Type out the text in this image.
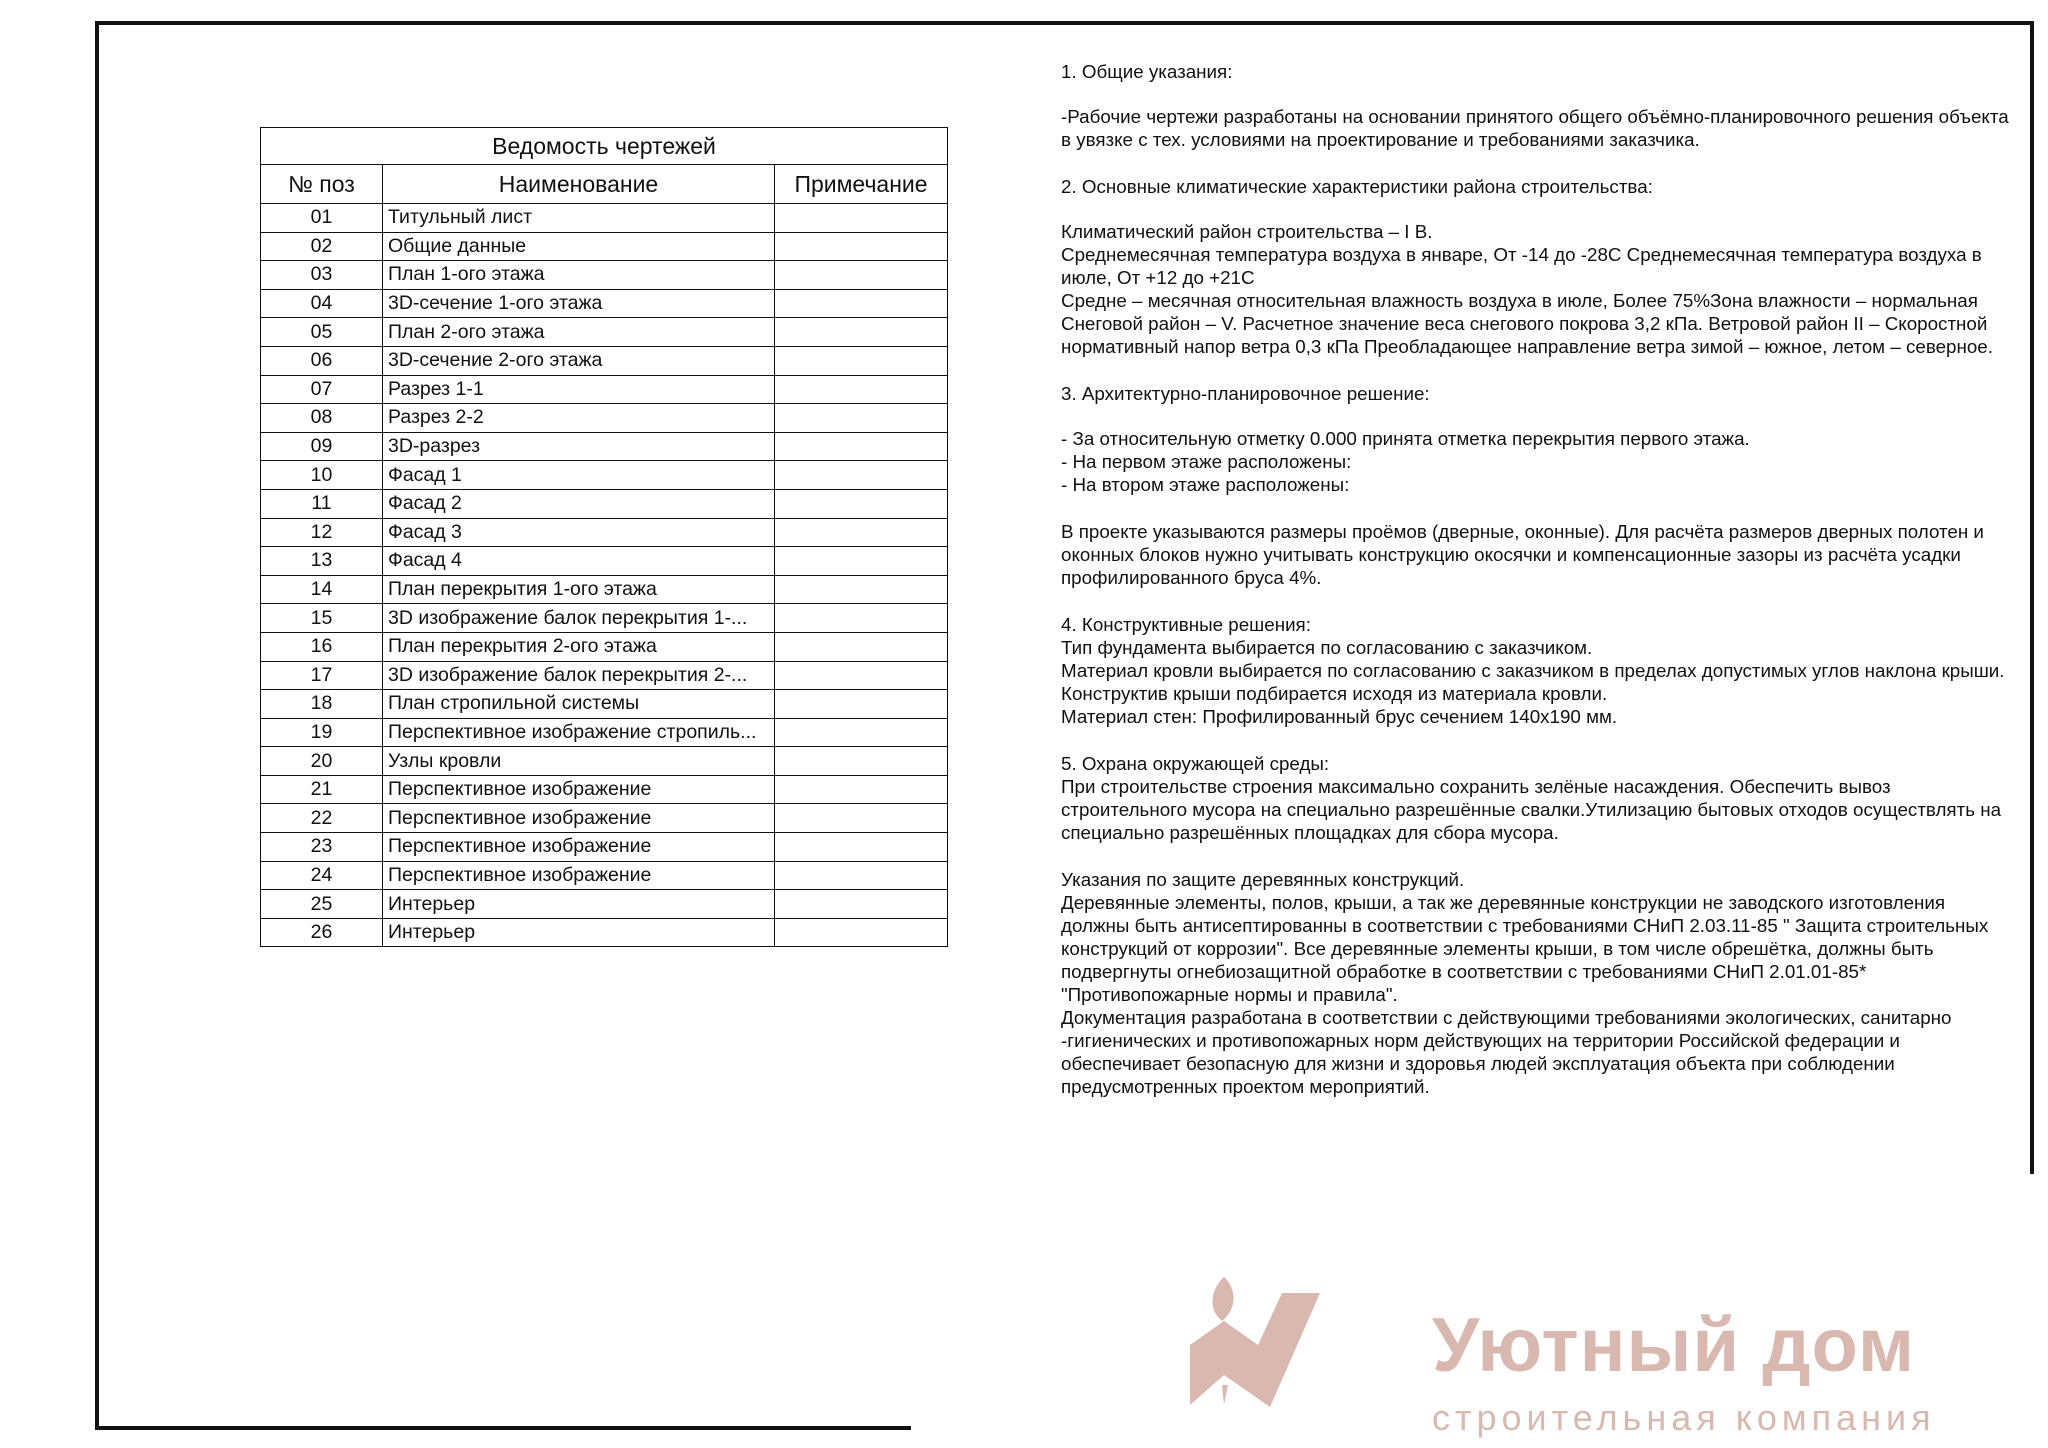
Ведомость чертежей		
№ поз	Наименование	Примечание
01	Титульный лист	
02	Общие данные	
03	План 1-ого этажа	
04	3D-сечение 1-ого этажа	
05	План 2-ого этажа	
06	3D-сечение 2-ого этажа	
07	Разрез 1-1	
08	Разрез 2-2	
09	3D-разрез	
10	Фасад 1	
11	Фасад 2	
12	Фасад 3	
13	Фасад 4	
14	План перекрытия 1-ого этажа	
15	3D изображение балок перекрытия 1-...	
16	План перекрытия 2-ого этажа	
17	3D изображение балок перекрытия 2-...	
18	План стропильной системы	
19	Перспективное изображение стропиль...	
20	Узлы кровли	
21	Перспективное изображение	
22	Перспективное изображение	
23	Перспективное изображение	
24	Перспективное изображение	
25	Интерьер	
26	Интерьер	

1. Общие указания:

-Рабочие чертежи разработаны на основании принятого общего объёмно-планировочного решения объекта в увязке с тех. условиями на проектирование и требованиями заказчика.

2. Основные климатические характеристики района строительства:

Климатический район строительства – I В.
Среднемесячная температура воздуха в январе, От -14 до -28С Среднемесячная температура воздуха в июле, От +12 до +21С
Средне – месячная относительная влажность воздуха в июле, Более 75%Зона влажности – нормальная
Снеговой район – V. Расчетное значение веса снегового покрова 3,2 кПа. Ветровой район II – Скоростной нормативный напор ветра 0,3 кПа Преобладающее направление ветра зимой – южное, летом – северное.

3. Архитектурно-планировочное решение:

- За относительную отметку 0.000 принята отметка перекрытия первого этажа.
- На первом этаже расположены:
- На втором этаже расположены:

В проекте указываются размеры проёмов (дверные, оконные). Для расчёта размеров дверных полотен и оконных блоков нужно учитывать конструкцию окосячки и компенсационные зазоры из расчёта усадки профилированного бруса 4%.

4. Конструктивные решения:
Тип фундамента выбирается по согласованию с заказчиком.
Материал кровли выбирается по согласованию с заказчиком в пределах допустимых углов наклона крыши. Конструктив крыши подбирается исходя из материала кровли.
Материал стен: Профилированный брус сечением 140х190 мм.

5. Охрана окружающей среды:
При строительстве строения максимально сохранить зелёные насаждения. Обеспечить вывоз строительного мусора на специально разрешённые свалки.Утилизацию бытовых отходов осуществлять на специально разрешённых площадках для сбора мусора.

Указания по защите деревянных конструкций.
Деревянные элементы, полов, крыши, а так же деревянные конструкции не заводского изготовления должны быть антисептированны в соответствии с требованиями СНиП 2.03.11-85 " Защита строительных конструкций от коррозии". Все деревянные элементы крыши, в том числе обрешётка, должны быть подвергнуты огнебиозащитной обработке в соответствии с требованиями СНиП 2.01.01-85* "Противопожарные нормы и правила".
Документация разработана в соответствии с действующими требованиями экологических, санитарно -гигиенических и противопожарных норм действующих на территории Российской федерации и обеспечивает безопасную для жизни и здоровья людей эксплуатация объекта при соблюдении предусмотренных проектом мероприятий.

Уютный дом
строительная компания
